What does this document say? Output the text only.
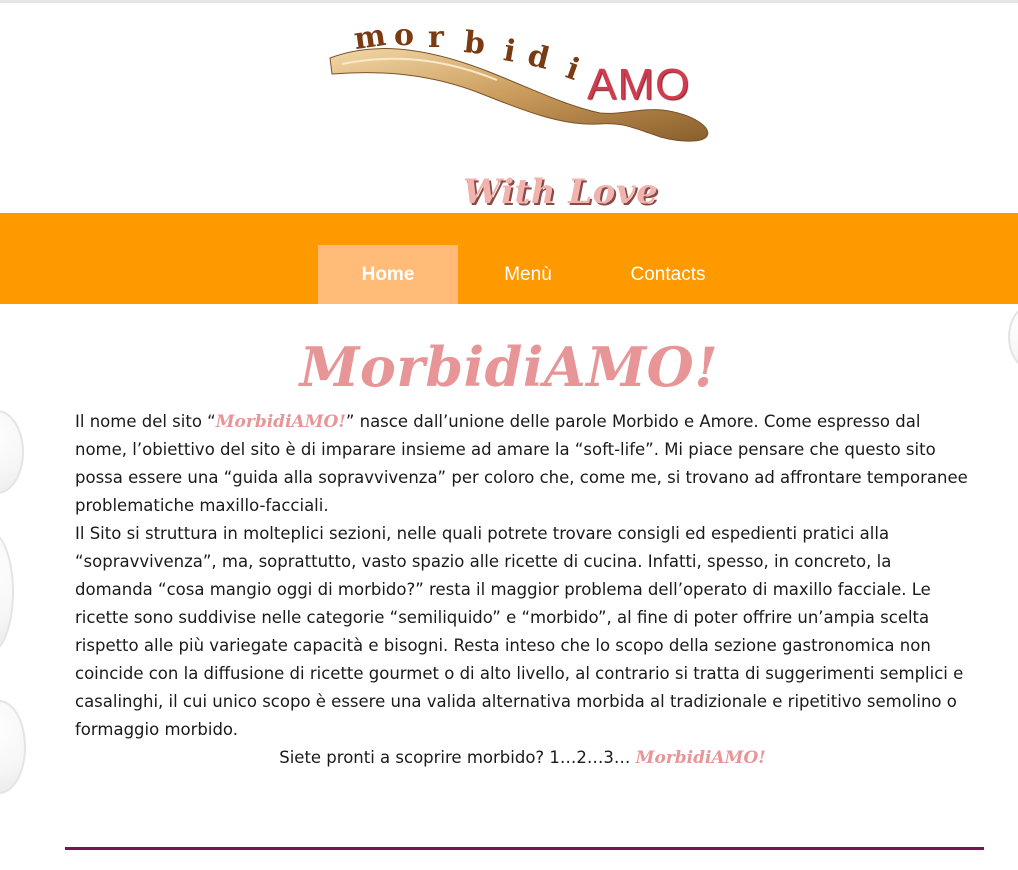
m o r b i d i AMO
With Love
Home	Menù	Contacts
MorbidiAMO!

Il nome del sito “MorbidiAMO!” nasce dall’unione delle parole Morbido e Amore. Come espresso dal nome, l’obiettivo del sito è di imparare insieme ad amare la “soft-life”. Mi piace pensare che questo sito possa essere una “guida alla sopravvivenza” per coloro che, come me, si trovano ad affrontare temporanee problematiche maxillo-facciali.

Il Sito si struttura in molteplici sezioni, nelle quali potrete trovare consigli ed espedienti pratici alla “sopravvivenza”, ma, soprattutto, vasto spazio alle ricette di cucina. Infatti, spesso, in concreto, la domanda “cosa mangio oggi di morbido?” resta il maggior problema dell’operato di maxillo facciale. Le ricette sono suddivise nelle categorie “semiliquido” e “morbido”, al fine di poter offrire un’ampia scelta rispetto alle più variegate capacità e bisogni. Resta inteso che lo scopo della sezione gastronomica non coincide con la diffusione di ricette gourmet o di alto livello, al contrario si tratta di suggerimenti semplici e casalinghi, il cui unico scopo è essere una valida alternativa morbida al tradizionale e ripetitivo semolino o formaggio morbido.

Siete pronti a scoprire morbido? 1…2…3… MorbidiAMO!
